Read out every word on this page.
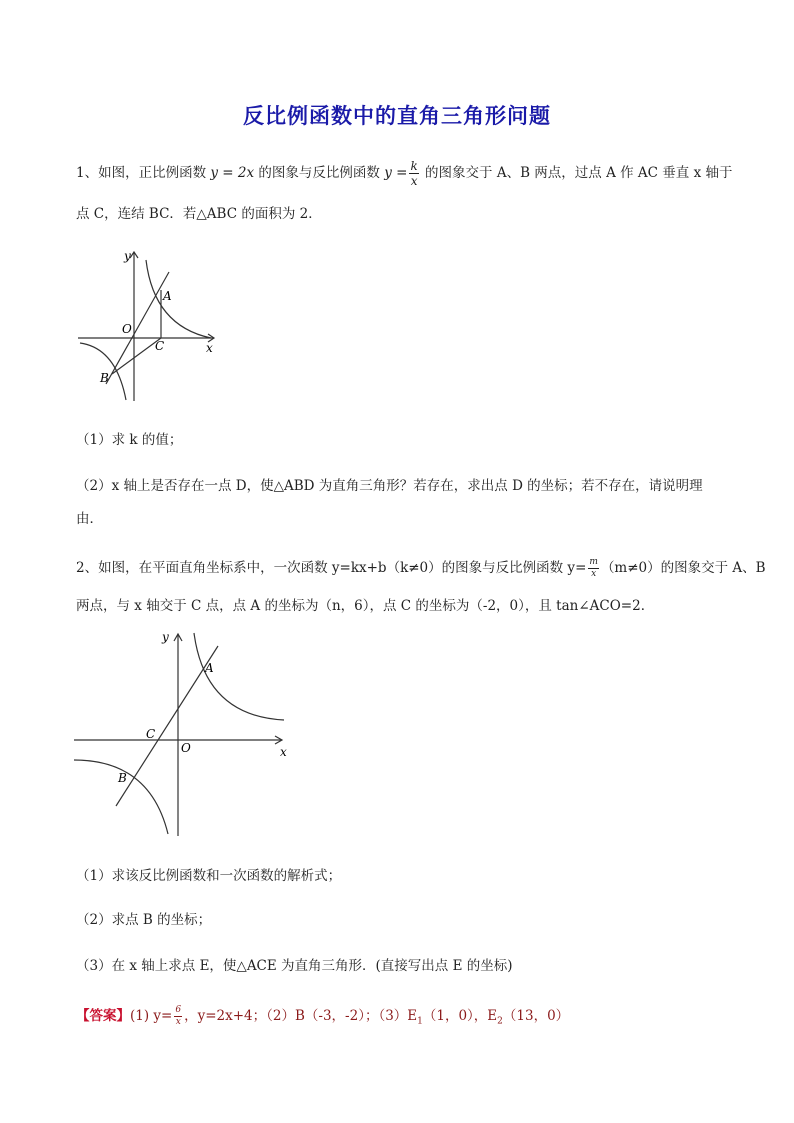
反比例函数中的直角三角形问题
1、如图，正比例函数 y = 2x 的图象与反比例函数 $y = \frac{k}{x}$ 的图象交于 A、B 两点，过点 A 作 AC 垂直 x 轴于
点 C，连结 BC．若△ABC 的面积为 2．
y
x
O
A
B
C
（1）求 k 的值；
（2）x 轴上是否存在一点 D，使△ABD 为直角三角形？若存在，求出点 D 的坐标；若不存在，请说明理
由．
2、如图，在平面直角坐标系中，一次函数 y=kx+b（k≠0）的图象与反比例函数 $y= \frac{m}{x} (m\ne 0)$的图象交于 A、B
两点，与 x 轴交于 C 点，点 A 的坐标为（n，6），点 C 的坐标为（-2，0），且 tan∠ACO=2．
y
x
O
A
B
C
（1）求该反比例函数和一次函数的解析式；
（2）求点 B 的坐标；
（3）在 x 轴上求点 E，使△ACE 为直角三角形．(直接写出点 E 的坐标)
【答案】(1) $y= \frac{6}{x}$ ，y=2x+4；（2）B（-3，-2）；$(3)E_1(1$，0），$E_2(13$，0）
